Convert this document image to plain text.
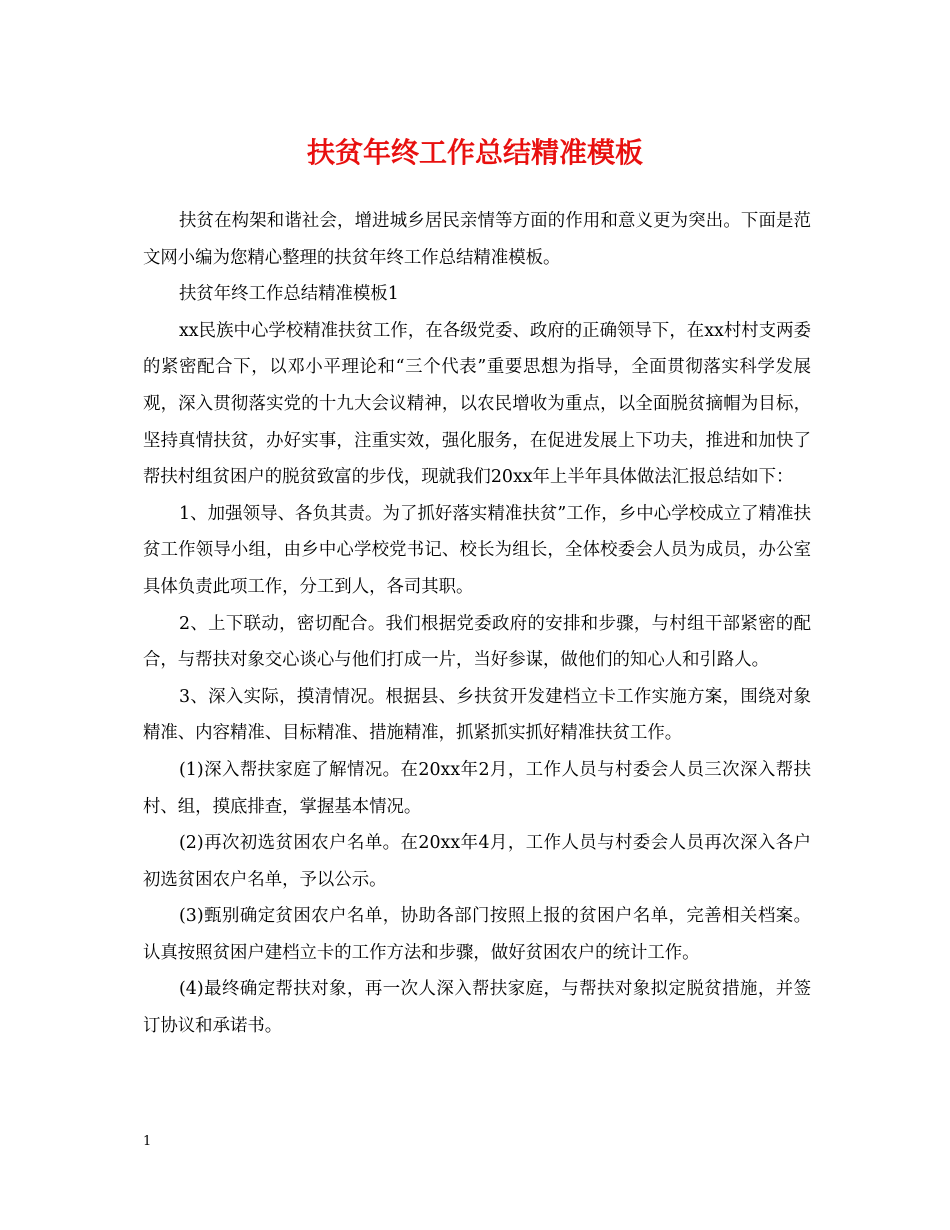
扶贫年终工作总结精准模板

扶贫在构架和谐社会，增进城乡居民亲情等方面的作用和意义更为突出。下面是范文网小编为您精心整理的扶贫年终工作总结精准模板。

扶贫年终工作总结精准模板1

xx民族中心学校精准扶贫工作，在各级党委、政府的正确领导下，在xx村村支两委的紧密配合下，以邓小平理论和“三个代表”重要思想为指导，全面贯彻落实科学发展观，深入贯彻落实党的十九大会议精神，以农民增收为重点，以全面脱贫摘帽为目标，坚持真情扶贫，办好实事，注重实效，强化服务，在促进发展上下功夫，推进和加快了帮扶村组贫困户的脱贫致富的步伐，现就我们20xx年上半年具体做法汇报总结如下：

1、加强领导、各负其责。为了抓好落实精准扶贫”工作，乡中心学校成立了精准扶贫工作领导小组，由乡中心学校党书记、校长为组长，全体校委会人员为成员，办公室具体负责此项工作，分工到人，各司其职。

2、上下联动，密切配合。我们根据党委政府的安排和步骤，与村组干部紧密的配合，与帮扶对象交心谈心与他们打成一片，当好参谋，做他们的知心人和引路人。

3、深入实际，摸清情况。根据县、乡扶贫开发建档立卡工作实施方案，围绕对象精准、内容精准、目标精准、措施精准，抓紧抓实抓好精准扶贫工作。

(1)深入帮扶家庭了解情况。在20xx年2月，工作人员与村委会人员三次深入帮扶村、组，摸底排查，掌握基本情况。

(2)再次初选贫困农户名单。在20xx年4月，工作人员与村委会人员再次深入各户初选贫困农户名单，予以公示。

(3)甄别确定贫困农户名单，协助各部门按照上报的贫困户名单，完善相关档案。认真按照贫困户建档立卡的工作方法和步骤，做好贫困农户的统计工作。

(4)最终确定帮扶对象，再一次人深入帮扶家庭，与帮扶对象拟定脱贫措施，并签订协议和承诺书。

1
